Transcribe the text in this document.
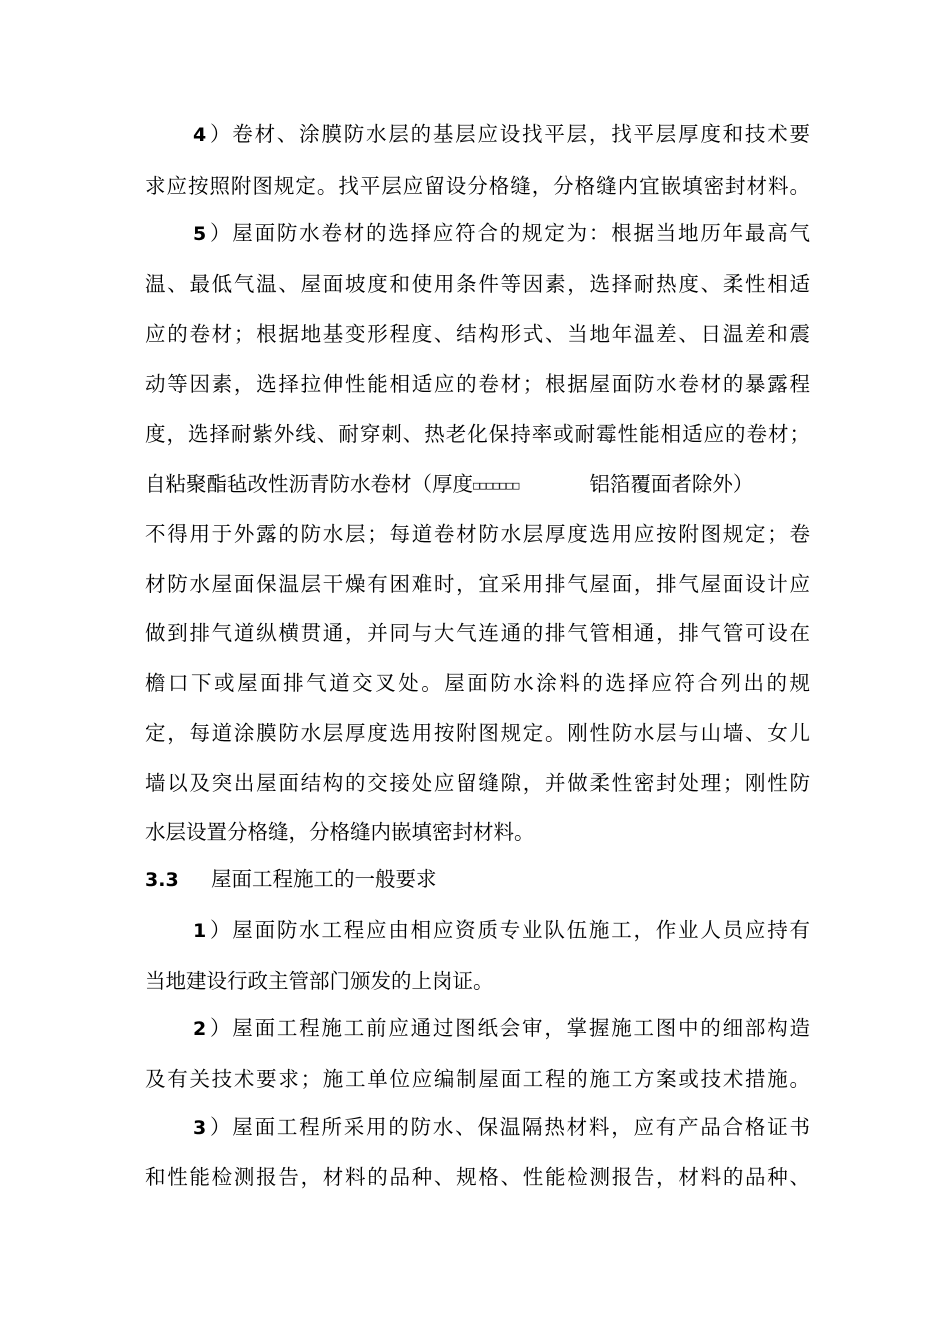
4）卷材、涂膜防水层的基层应设找平层，找平层厚度和技术要
求应按照附图规定。找平层应留设分格缝，分格缝内宜嵌填密封材料。
5）屋面防水卷材的选择应符合的规定为：根据当地历年最高气
温、最低气温、屋面坡度和使用条件等因素，选择耐热度、柔性相适
应的卷材；根据地基变形程度、结构形式、当地年温差、日温差和震
动等因素，选择拉伸性能相适应的卷材；根据屋面防水卷材的暴露程
度，选择耐紫外线、耐穿刺、热老化保持率或耐霉性能相适应的卷材；
自粘聚酯毡改性沥青防水卷材（厚度□□□□□□□	铝箔覆面者除外）
不得用于外露的防水层；每道卷材防水层厚度选用应按附图规定；卷
材防水屋面保温层干燥有困难时，宜采用排气屋面，排气屋面设计应
做到排气道纵横贯通，并同与大气连通的排气管相通，排气管可设在
檐口下或屋面排气道交叉处。屋面防水涂料的选择应符合列出的规
定，每道涂膜防水层厚度选用按附图规定。刚性防水层与山墙、女儿
墙以及突出屋面结构的交接处应留缝隙，并做柔性密封处理；刚性防
水层设置分格缝，分格缝内嵌填密封材料。
3.3 屋面工程施工的一般要求
1）屋面防水工程应由相应资质专业队伍施工，作业人员应持有
当地建设行政主管部门颁发的上岗证。
2）屋面工程施工前应通过图纸会审，掌握施工图中的细部构造
及有关技术要求；施工单位应编制屋面工程的施工方案或技术措施。
3）屋面工程所采用的防水、保温隔热材料，应有产品合格证书
和性能检测报告，材料的品种、规格、性能检测报告，材料的品种、
